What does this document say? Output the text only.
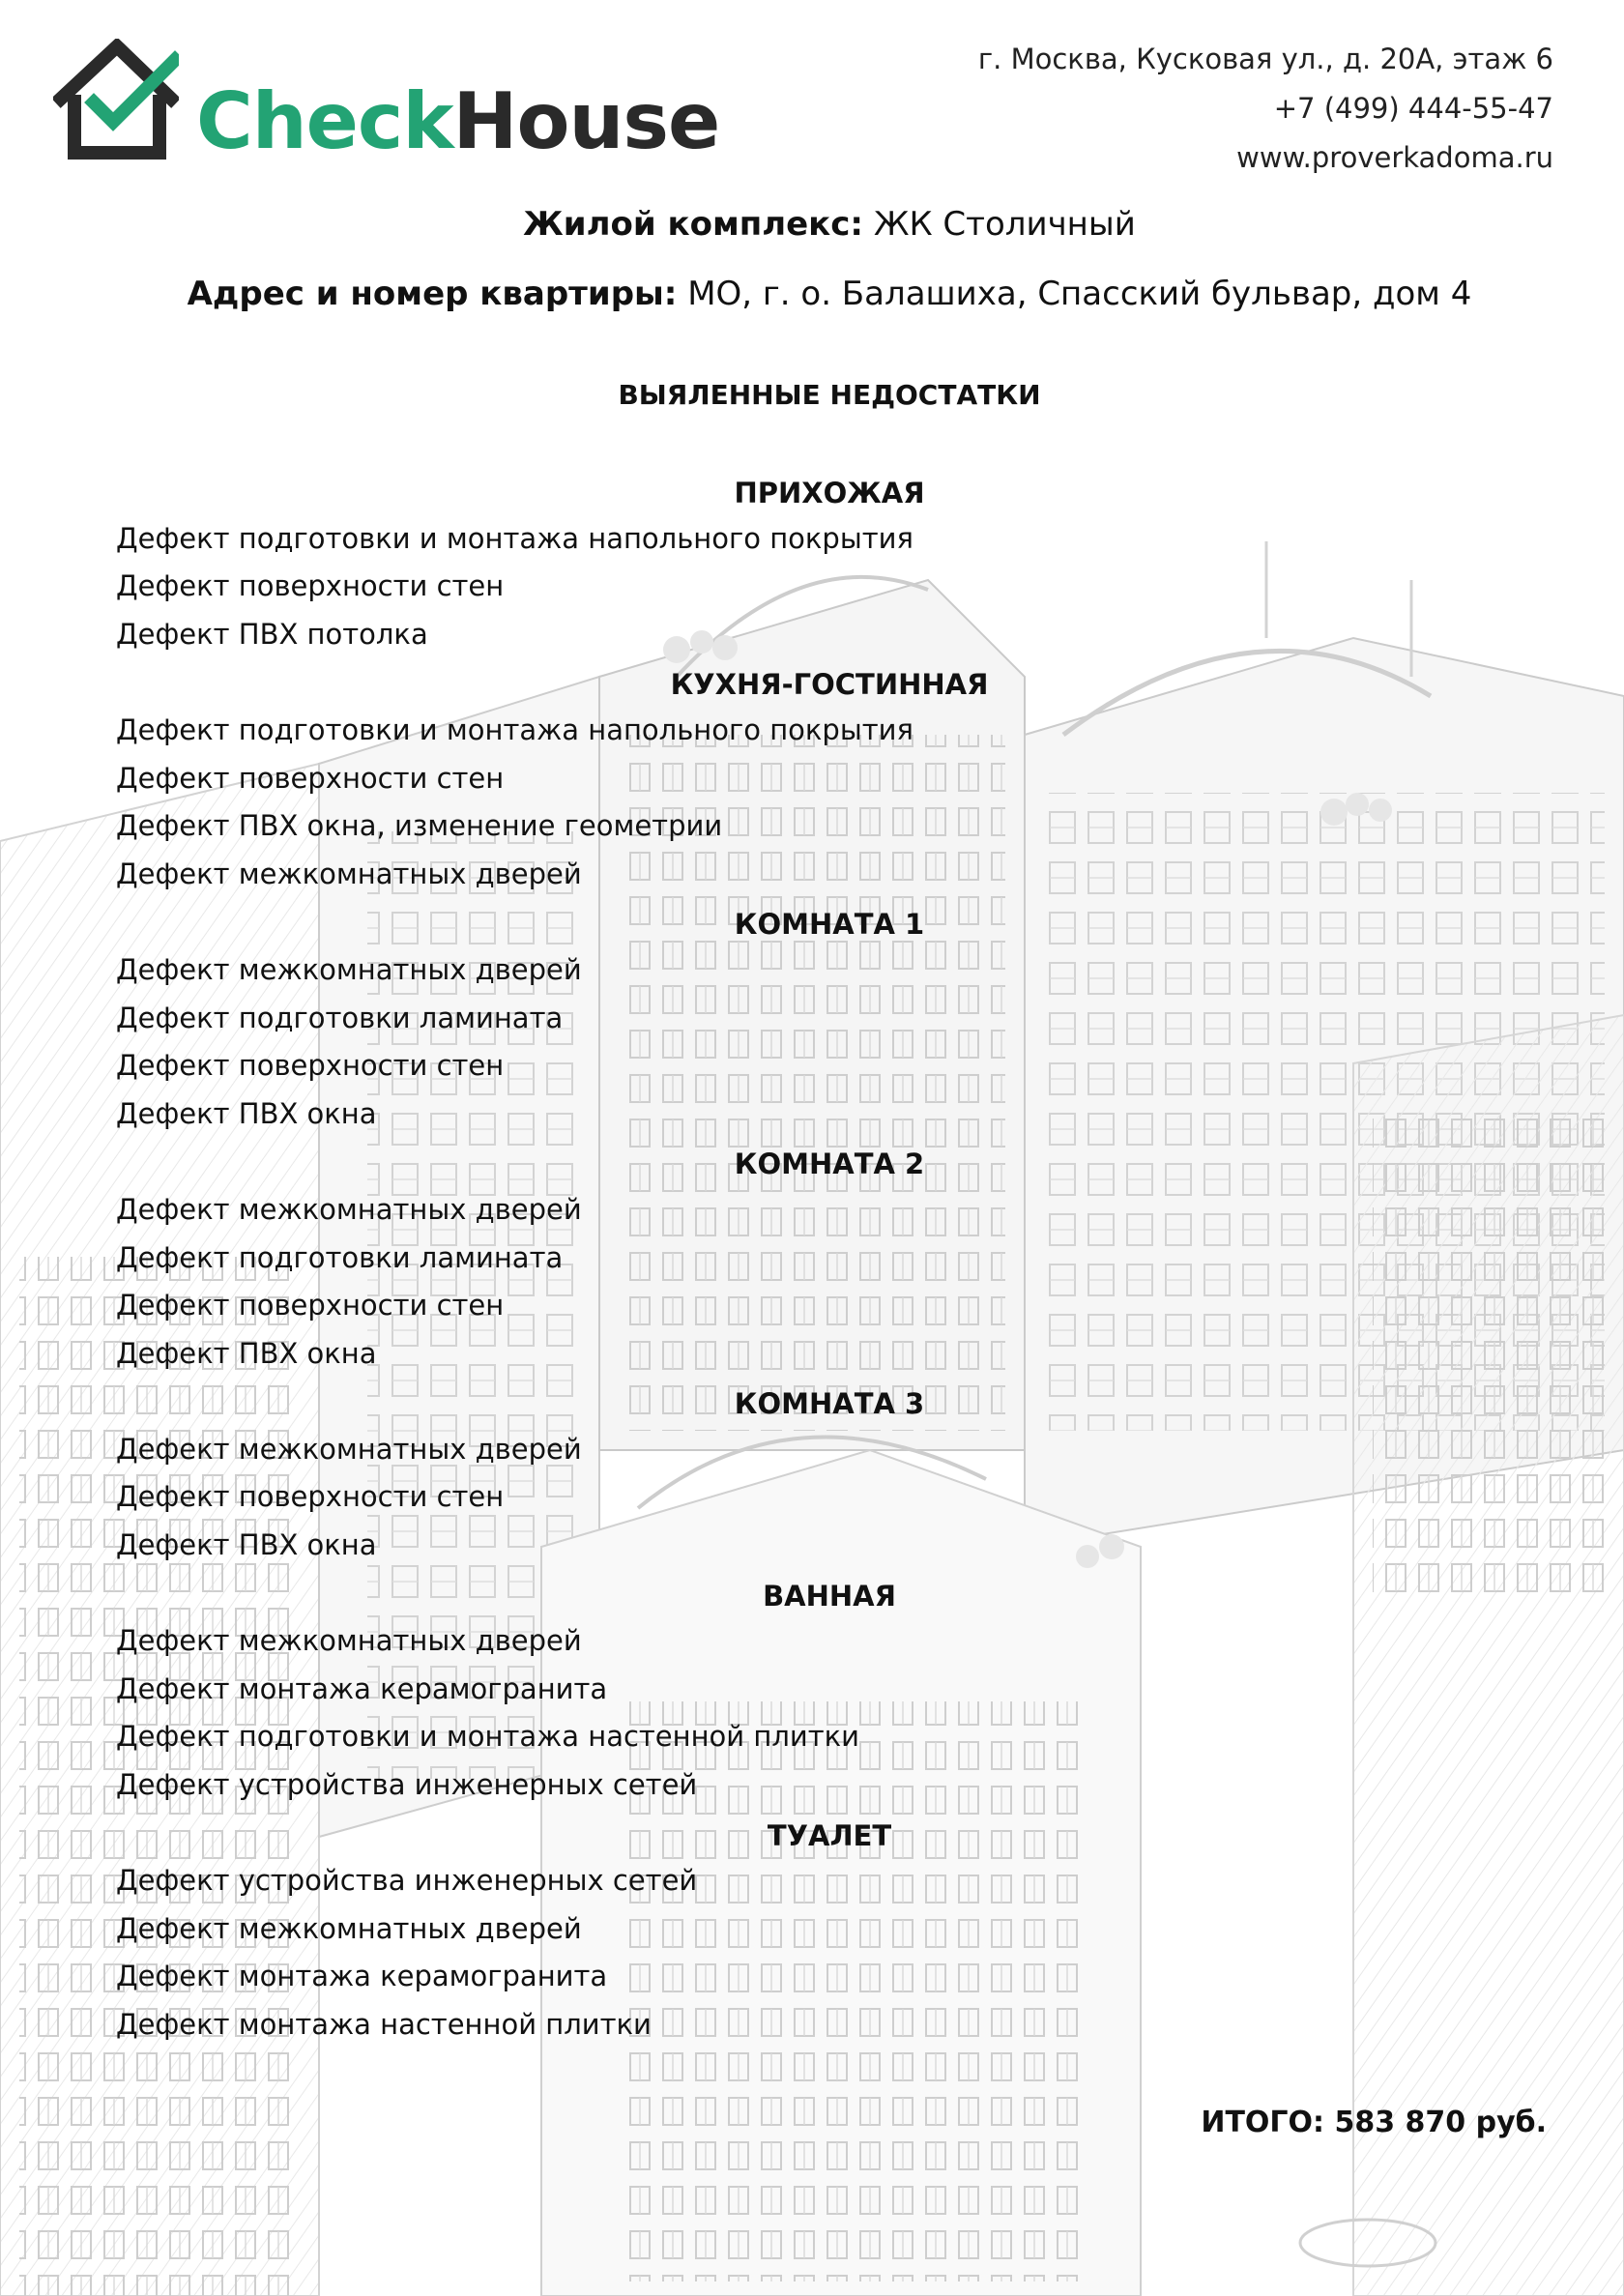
CheckHouse
г. Москва, Кусковая ул., д. 20А, этаж 6
+7 (499) 444-55-47
www.proverkadoma.ru
Жилой комплекс: ЖК Столичный
Адрес и номер квартиры: МО, г. о. Балашиха, Спасский бульвар, дом 4
ВЫЯЛЕННЫЕ НЕДОСТАТКИ
ПРИХОЖАЯ
Дефект подготовки и монтажа напольного покрытия
Дефект поверхности стен
Дефект ПВХ потолка
КУХНЯ-ГОСТИННАЯ
Дефект подготовки и монтажа напольного покрытия
Дефект поверхности стен
Дефект ПВХ окна, изменение геометрии
Дефект межкомнатных дверей
КОМНАТА 1
Дефект межкомнатных дверей
Дефект подготовки ламината
Дефект поверхности стен
Дефект ПВХ окна
КОМНАТА 2
Дефект межкомнатных дверей
Дефект подготовки ламината
Дефект поверхности стен
Дефект ПВХ окна
КОМНАТА 3
Дефект межкомнатных дверей
Дефект поверхности стен
Дефект ПВХ окна
ВАННАЯ
Дефект межкомнатных дверей
Дефект монтажа керамогранита
Дефект подготовки и монтажа настенной плитки
Дефект устройства инженерных сетей
ТУАЛЕТ
Дефект устройства инженерных сетей
Дефект межкомнатных дверей
Дефект монтажа керамогранита
Дефект монтажа настенной плитки
ИТОГО: 583 870 руб.
